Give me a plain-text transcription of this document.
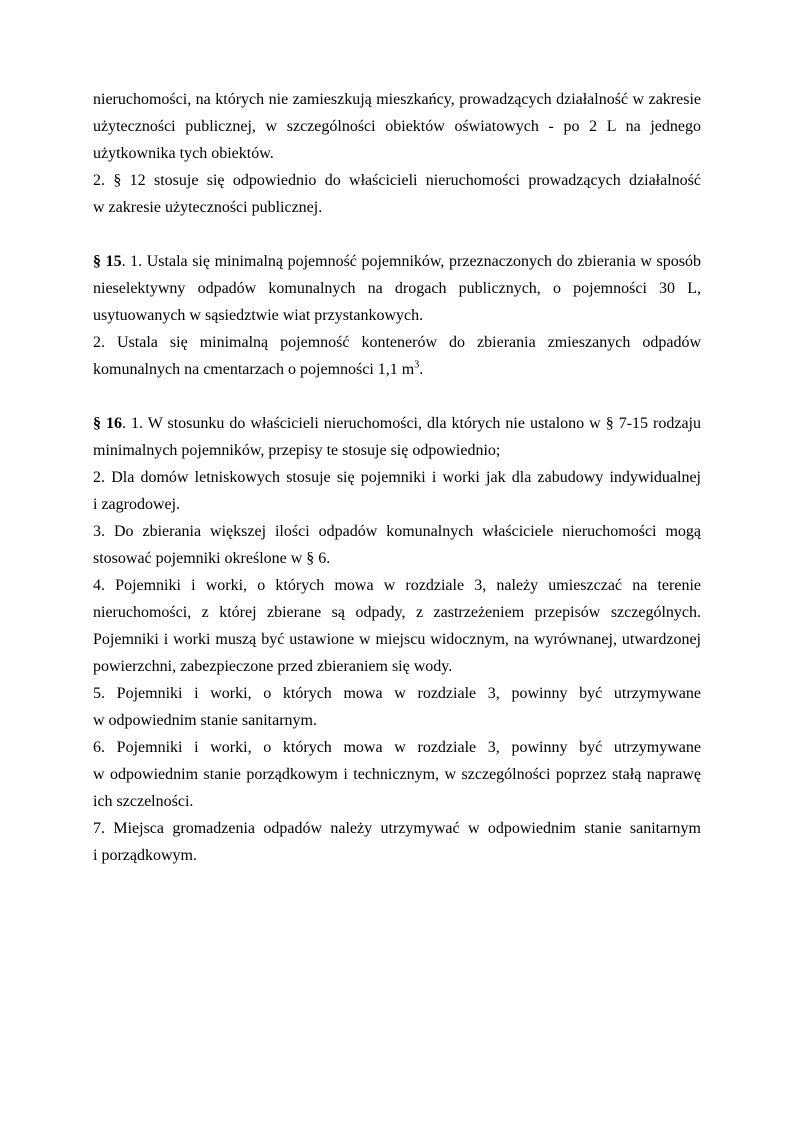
nieruchomości, na których nie zamieszkują mieszkańcy, prowadzących działalność w zakresie użyteczności publicznej, w szczególności obiektów oświatowych - po 2 L na jednego użytkownika tych obiektów.

2. § 12 stosuje się odpowiednio do właścicieli nieruchomości prowadzących działalność w zakresie użyteczności publicznej.

§ 15. 1. Ustala się minimalną pojemność pojemników, przeznaczonych do zbierania w sposób nieselektywny odpadów komunalnych na drogach publicznych, o pojemności 30 L, usytuowanych w sąsiedztwie wiat przystankowych.

2. Ustala się minimalną pojemność kontenerów do zbierania zmieszanych odpadów komunalnych na cmentarzach o pojemności 1,1 $m^3$.

§ 16. 1. W stosunku do właścicieli nieruchomości, dla których nie ustalono w § 7-15 rodzaju minimalnych pojemników, przepisy te stosuje się odpowiednio;

2. Dla domów letniskowych stosuje się pojemniki i worki jak dla zabudowy indywidualnej i zagrodowej.

3. Do zbierania większej ilości odpadów komunalnych właściciele nieruchomości mogą stosować pojemniki określone w § 6.

4. Pojemniki i worki, o których mowa w rozdziale 3, należy umieszczać na terenie nieruchomości, z której zbierane są odpady, z zastrzeżeniem przepisów szczególnych. Pojemniki i worki muszą być ustawione w miejscu widocznym, na wyrównanej, utwardzonej powierzchni, zabezpieczone przed zbieraniem się wody.

5. Pojemniki i worki, o których mowa w rozdziale 3, powinny być utrzymywane w odpowiednim stanie sanitarnym.

6. Pojemniki i worki, o których mowa w rozdziale 3, powinny być utrzymywane w odpowiednim stanie porządkowym i technicznym, w szczególności poprzez stałą naprawę ich szczelności.

7. Miejsca gromadzenia odpadów należy utrzymywać w odpowiednim stanie sanitarnym i porządkowym.
